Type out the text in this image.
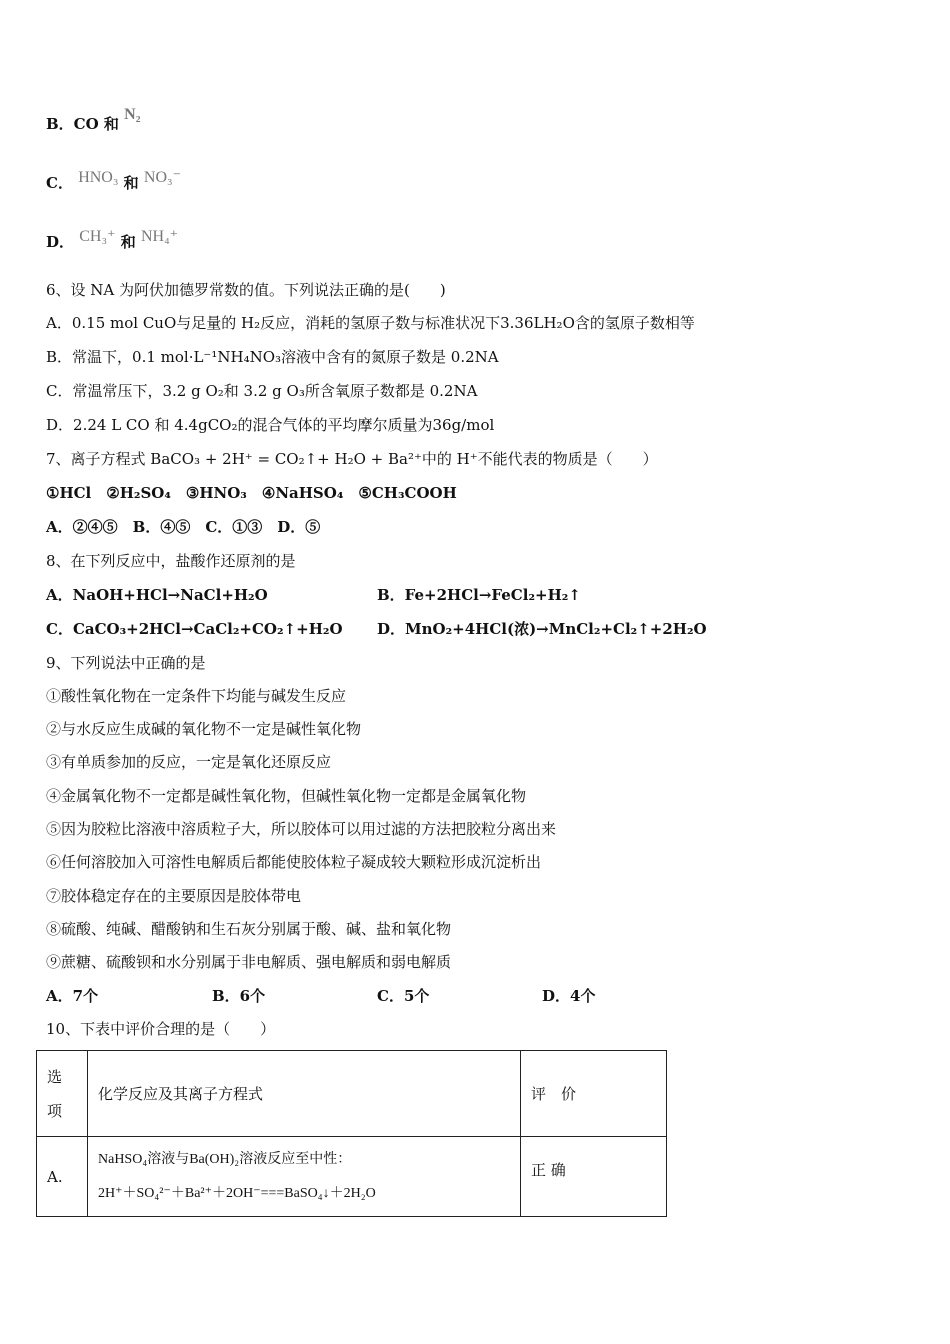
B．CO 和 N₂
C． HNO₃ 和 NO₃⁻
D． CH₃⁺ 和 NH₄⁺
6、设 NA 为阿伏加德罗常数的值。下列说法正确的是(　　)
A．0.15 mol CuO与足量的 H₂反应，消耗的氢原子数与标准状况下3.36LH₂O含的氢原子数相等
B．常温下，0.1 mol·L⁻¹NH₄NO₃溶液中含有的氮原子数是 0.2NA
C．常温常压下，3.2 g O₂和 3.2 g O₃所含氧原子数都是 0.2NA
D．2.24 L CO 和 4.4gCO₂的混合气体的平均摩尔质量为36g/mol
7、离子方程式 BaCO₃ + 2H⁺ = CO₂↑+ H₂O + Ba²⁺中的 H⁺不能代表的物质是（　　）
①HCl　②H₂SO₄　③HNO₃　④NaHSO₄　⑤CH₃COOH
A．②④⑤　B．④⑤　C．①③　D．⑤
8、在下列反应中，盐酸作还原剂的是
A．NaOH+HCl→NaCl+H₂O	B．Fe+2HCl→FeCl₂+H₂↑
C．CaCO₃+2HCl→CaCl₂+CO₂↑+H₂O D．MnO₂+4HCl(浓)→MnCl₂+Cl₂↑+2H₂O
9、下列说法中正确的是
①酸性氧化物在一定条件下均能与碱发生反应
②与水反应生成碱的氧化物不一定是碱性氧化物
③有单质参加的反应，一定是氧化还原反应
④金属氧化物不一定都是碱性氧化物，但碱性氧化物一定都是金属氧化物
⑤因为胶粒比溶液中溶质粒子大，所以胶体可以用过滤的方法把胶粒分离出来
⑥任何溶胶加入可溶性电解质后都能使胶体粒子凝成较大颗粒形成沉淀析出
⑦胶体稳定存在的主要原因是胶体带电
⑧硫酸、纯碱、醋酸钠和生石灰分别属于酸、碱、盐和氧化物
⑨蔗糖、硫酸钡和水分别属于非电解质、强电解质和弱电解质
A．7个	B．6个	C．5个	D．4个
10、下表中评价合理的是（　　）
选
项	化学反应及其离子方程式	评　价
A.	NaHSO₄溶液与Ba(OH)₂溶液反应至中性：
2H⁺＋SO₄²⁻＋Ba²⁺＋2OH⁻===BaSO₄↓＋2H₂O	正 确
